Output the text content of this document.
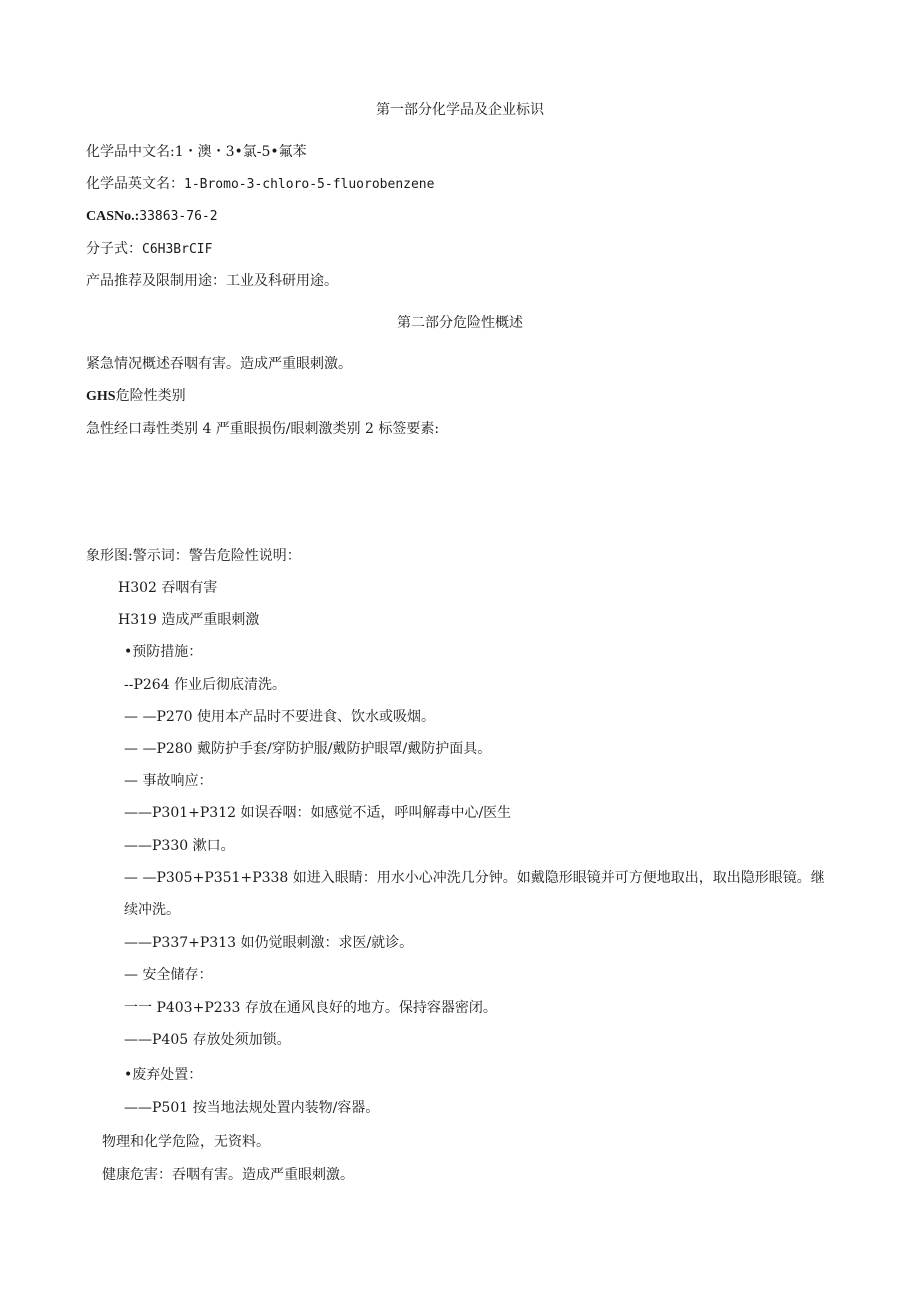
第一部分化学品及企业标识
化学品中文名:1・澳・3•氯-5•氟苯
化学品英文名：1-Bromo-3-chloro-5-fluorobenzene
CASNo.:33863-76-2
分子式：C6H3BrCIF
产品推荐及限制用途：工业及科研用途。
第二部分危险性概述
紧急情况概述吞咽有害。造成严重眼刺激。
GHS危险性类别
急性经口毒性类别 4 严重眼损伤/眼刺激类别 2 标签要素:
象形图:警示词：警告危险性说明：
H302 吞咽有害
H319 造成严重眼刺激
•预防措施：
--P264 作业后彻底清洗。
— —P270 使用本产品时不要进食、饮水或吸烟。
— —P280 戴防护手套/穿防护服/戴防护眼罩/戴防护面具。
— 事故响应：
——P301+P312 如误吞咽：如感觉不适，呼叫解毒中心/医生
——P330 漱口。
— —P305+P351+P338 如进入眼睛：用水小心冲洗几分钟。如戴隐形眼镜并可方便地取出，取出隐形眼镜。继续冲洗。
——P337+P313 如仍觉眼刺激：求医/就诊。
— 安全储存：
一一 P403+P233 存放在通风良好的地方。保持容器密闭。
——P405 存放处须加锁。
•废弃处置：
——P501 按当地法规处置内装物/容器。
物理和化学危险，无资料。
健康危害：吞咽有害。造成严重眼刺激。
